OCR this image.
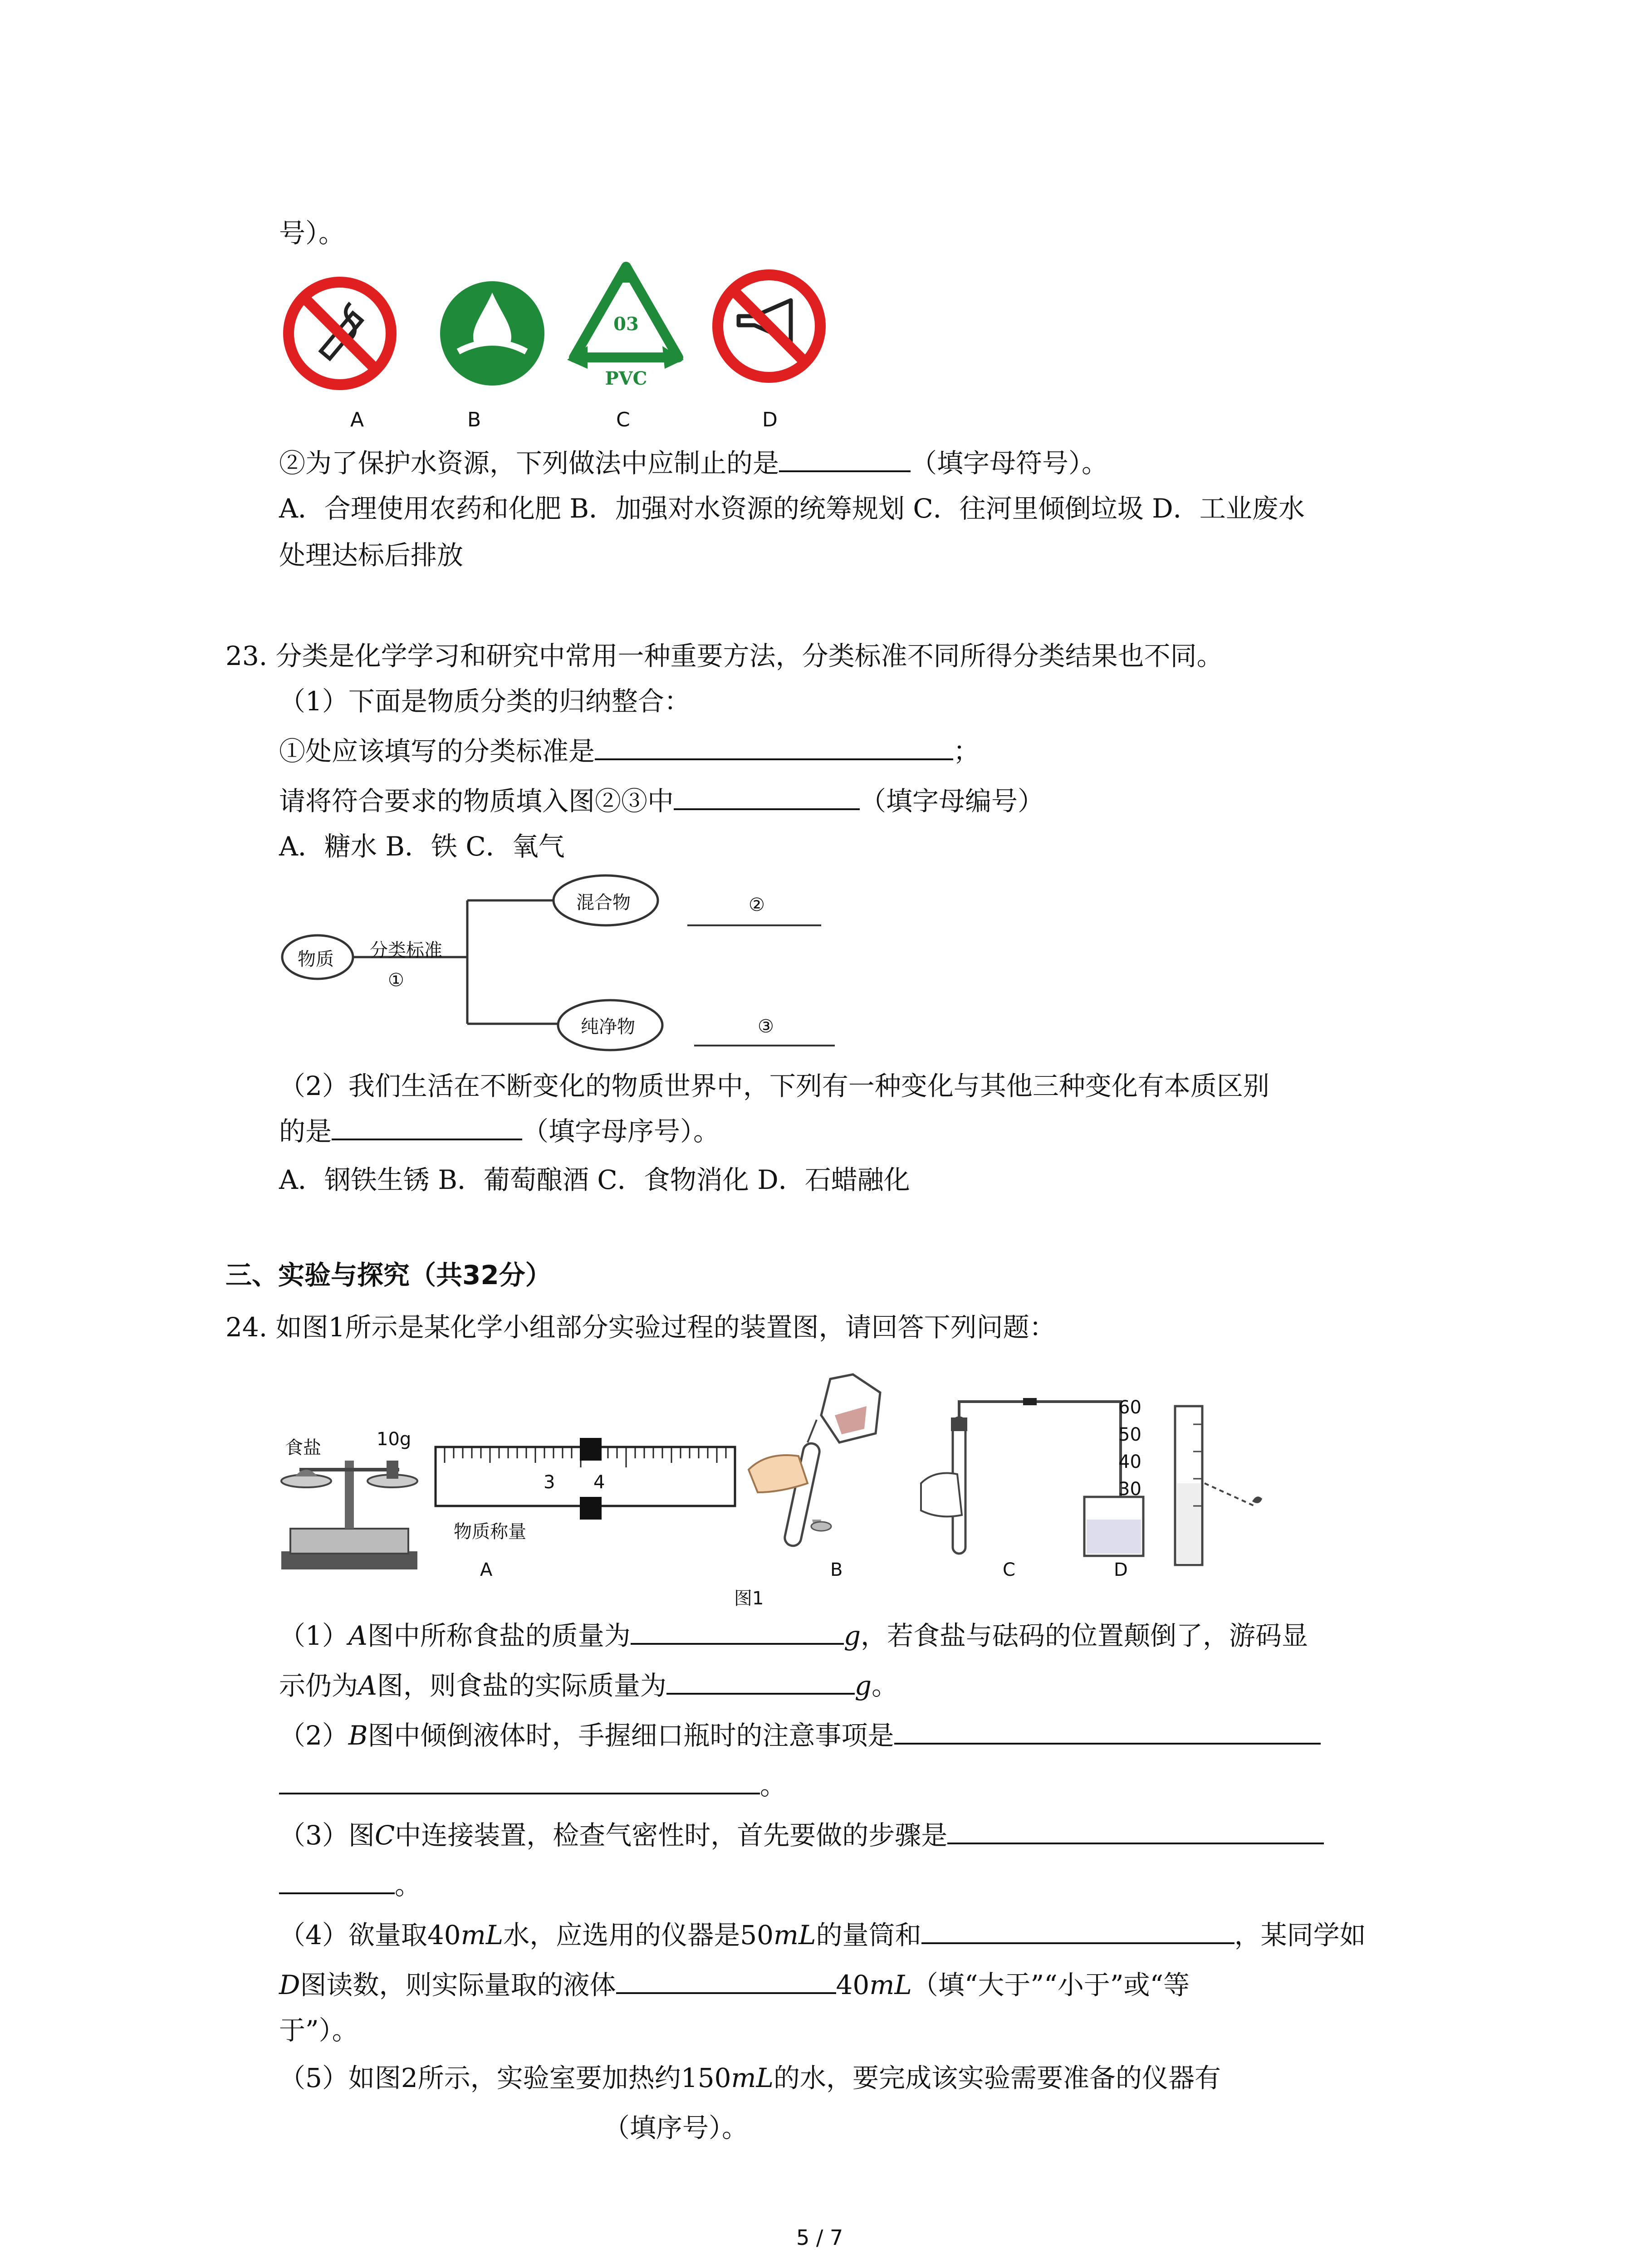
号）。
03
PVC
A	B	C	D
②为了保护水资源，下列做法中应制止的是	（填字母符号）。
A．合理使用农药和化肥 B．加强对水资源的统筹规划 C．往河里倾倒垃圾 D．工业废水
处理达标后排放
23. 分类是化学学习和研究中常用一种重要方法，分类标准不同所得分类结果也不同。
（1）下面是物质分类的归纳整合：
①处应该填写的分类标准是	；
请将符合要求的物质填入图②③中	（填字母编号）
A．糖水 B．铁 C．氧气
物质 分类标准
①
混合物	②
纯净物	③
（2）我们生活在不断变化的物质世界中，下列有一种变化与其他三种变化有本质区别
的是	（填字母序号）。
A．钢铁生锈 B．葡萄酿酒 C．食物消化 D．石蜡融化
三、实验与探究（共32分）
24. 如图1所示是某化学小组部分实验过程的装置图，请回答下列问题：
食盐	10g
3 4
物质称量
60
50
40
30
A	B	C	D
图1
（1）A图中所称食盐的质量为	g，若食盐与砝码的位置颠倒了，游码显
示仍为A图，则食盐的实际质量为	g。
（2）B图中倾倒液体时，手握细口瓶时的注意事项是
。
（3）图C中连接装置，检查气密性时，首先要做的步骤是
。
（4）欲量取40mL水，应选用的仪器是50mL的量筒和	，某同学如
D图读数，则实际量取的液体	40mL（填“大于”“小于”或“等
于”）。
（5）如图2所示，实验室要加热约150mL的水，要完成该实验需要准备的仪器有
（填序号）。
5 / 7
